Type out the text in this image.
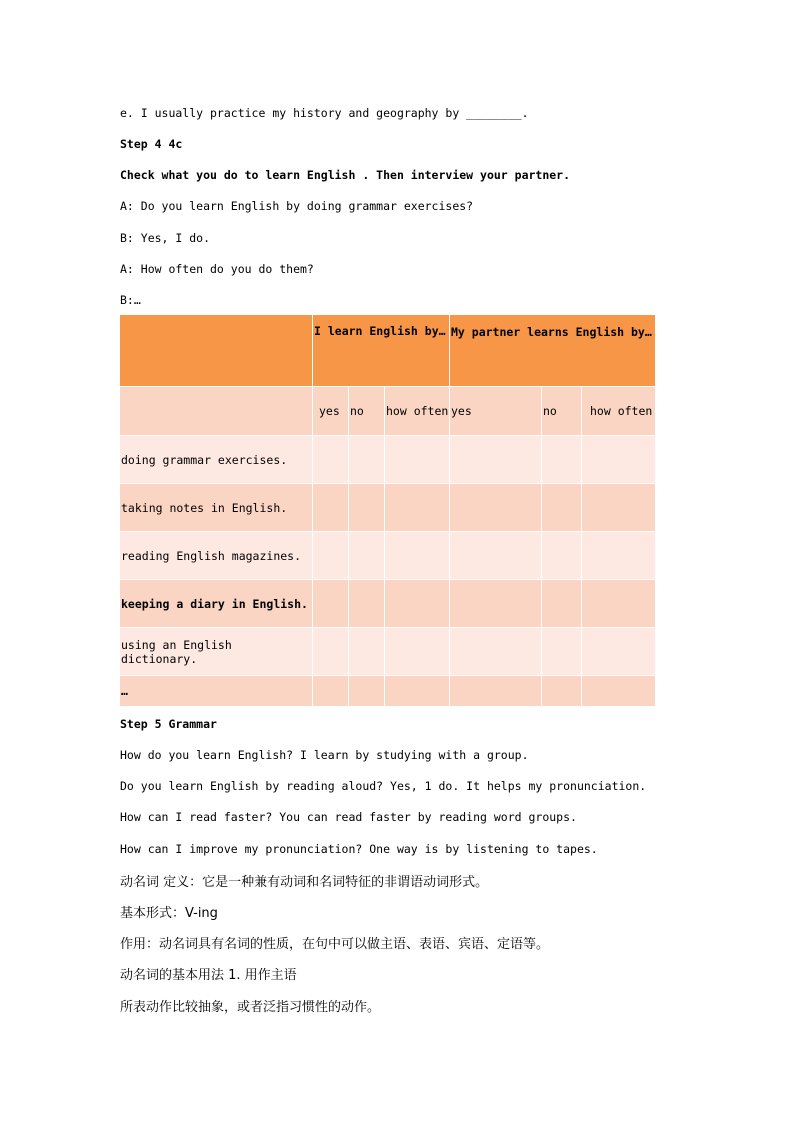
e. I usually practice my history and geography by ________.
Step 4 4c
Check what you do to learn English . Then interview your partner.
A: Do you learn English by doing grammar exercises?
B: Yes, I do.
A: How often do you do them?
B:…
	I learn English by…			My partner learns English by…		
	yes	no	how often	yes	no	how often
doing grammar exercises.						
taking notes in English.						
reading English magazines.						
keeping a diary in English.						
using an English dictionary.						
…						
Step 5 Grammar
How do you learn English? I learn by studying with a group.
Do you learn English by reading aloud? Yes, 1 do. It helps my pronunciation.
How can I read faster? You can read faster by reading word groups.
How can I improve my pronunciation? One way is by listening to tapes.
动名词 定义：它是一种兼有动词和名词特征的非谓语动词形式。
基本形式：V-ing
作用：动名词具有名词的性质，在句中可以做主语、表语、宾语、定语等。
动名词的基本用法 1. 用作主语
所表动作比较抽象，或者泛指习惯性的动作。
